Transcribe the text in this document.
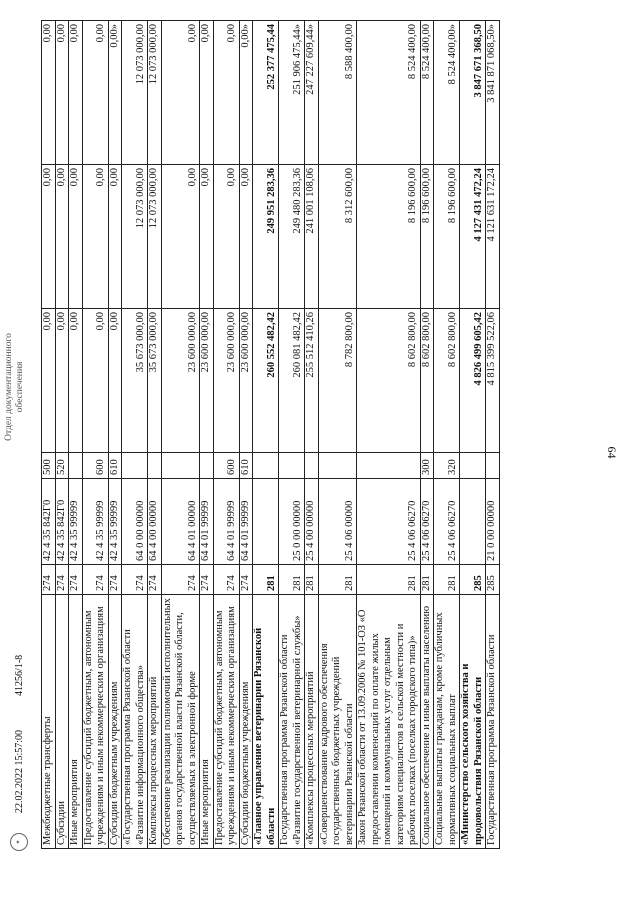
64
Межбюджетные трансферты	274	42 4 35 842Г0	500	0,00	0,00	0,00
Субсидии	274	42 4 35 842Г0	520	0,00	0,00	0,00
Иные мероприятия	274	42 4 35 99999		0,00	0,00	0,00
Предоставление субсидий бюджетным, автономным учреждениям и иным некоммерческим организациям	274	42 4 35 99999	600	0,00	0,00	0,00
Субсидии бюджетным учреждениям	274	42 4 35 99999	610	0,00	0,00	0,00»
«Государственная программа Рязанской области «Развитие информационного общества»	274	64 0 00 00000		35 673 000,00	12 073 000,00	12 073 000,00
Комплексы процессных мероприятий	274	64 4 00 00000		35 673 000,00	12 073 000,00	12 073 000,00
Обеспечение реализации полномочий исполнительных органов государственной власти Рязанской области, осуществляемых в электронной форме	274	64 4 01 00000		23 600 000,00	0,00	0,00
Иные мероприятия	274	64 4 01 99999		23 600 000,00	0,00	0,00
Предоставление субсидий бюджетным, автономным учреждениям и иным некоммерческим организациям	274	64 4 01 99999	600	23 600 000,00	0,00	0,00
Субсидии бюджетным учреждениям	274	64 4 01 99999	610	23 600 000,00	0,00	0,00»
«Главное управление ветеринарии Рязанской области	281			260 552 482,42	249 951 283,36	252 377 475,44
Государственная программа Рязанской области «Развитие государственной ветеринарной службы»	281	25 0 00 00000		260 081 482,42	249 480 283,36	251 906 475,44»
«Комплексы процессных мероприятий	281	25 4 00 00000		255 512 410,26	241 001 108,06	247 227 609,44»
«Совершенствование кадрового обеспечения государственных бюджетных учреждений ветеринарии Рязанской области	281	25 4 06 00000		8 782 800,00	8 312 600,00	8 588 400,00
Закон Рязанской области от 13.09.2006 № 101-ОЗ «О предоставлении компенсаций по оплате жилых помещений и коммунальных услуг отдельным категориям специалистов в сельской местности и рабочих поселках (поселках городского типа)»	281	25 4 06 06270		8 602 800,00	8 196 600,00	8 524 400,00
Социальное обеспечение и иные выплаты населению	281	25 4 06 06270	300	8 602 800,00	8 196 600,00	8 524 400,00
Социальные выплаты гражданам, кроме публичных нормативных социальных выплат	281	25 4 06 06270	320	8 602 800,00	8 196 600,00	8 524 400,00»
«Министерство сельского хозяйства и продовольствия Рязанской области	285			4 826 499 605,42	4 127 431 472,24	3 847 671 368,50
Государственная программа Рязанской области	285	21 0 00 00000		4 815 399 522,06	4 121 631 172,24	3 841 871 068,50»
✦
22.02.2022 15:57:00
41256/1-8
Отдел документационного обеспечения
